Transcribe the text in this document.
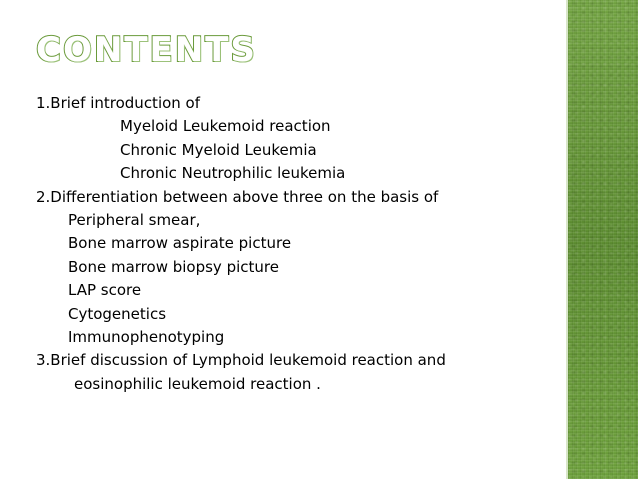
CONTENTS
1.Brief introduction of
Myeloid Leukemoid reaction
Chronic Myeloid Leukemia
Chronic Neutrophilic leukemia
2.Differentiation between above three on the basis of
Peripheral smear,
Bone marrow aspirate picture
Bone marrow biopsy picture
LAP score
Cytogenetics
Immunophenotyping
3.Brief discussion of Lymphoid leukemoid reaction and
eosinophilic leukemoid reaction .
